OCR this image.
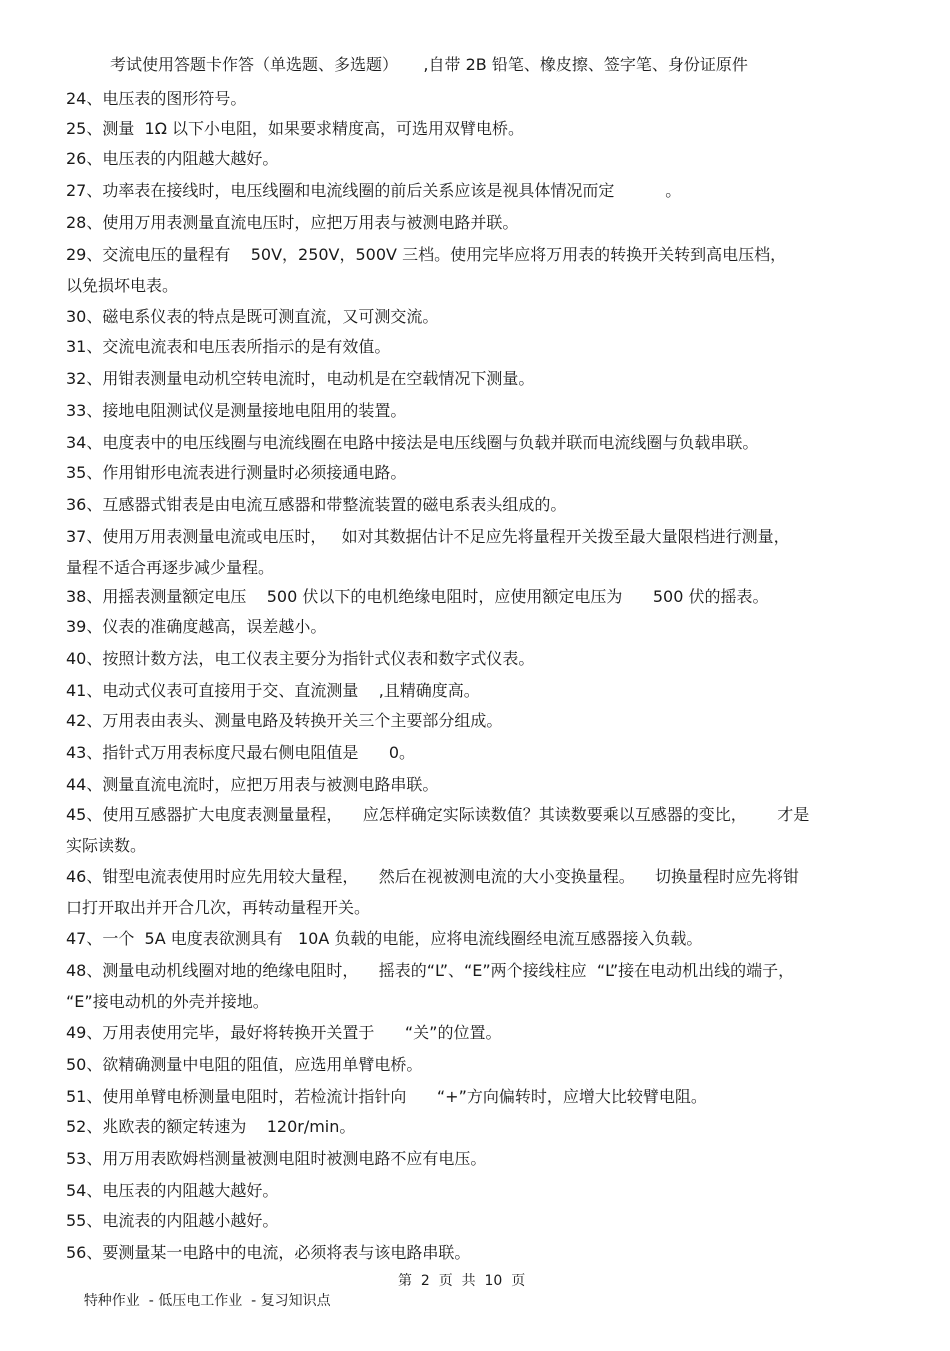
考试使用答题卡作答（单选题、多选题）     ,自带 2B 铅笔、橡皮擦、签字笔、身份证原件
24、电压表的图形符号。
25、测量  1Ω 以下小电阻，如果要求精度高，可选用双臂电桥。
26、电压表的内阻越大越好。
27、功率表在接线时，电压线圈和电流线圈的前后关系应该是视具体情况而定          。
28、使用万用表测量直流电压时，应把万用表与被测电路并联。
29、交流电压的量程有    50V，250V，500V 三档。使用完毕应将万用表的转换开关转到高电压档，
以免损坏电表。
30、磁电系仪表的特点是既可测直流，又可测交流。
31、交流电流表和电压表所指示的是有效值。
32、用钳表测量电动机空转电流时，电动机是在空载情况下测量。
33、接地电阻测试仪是测量接地电阻用的装置。
34、电度表中的电压线圈与电流线圈在电路中接法是电压线圈与负载并联而电流线圈与负载串联。
35、作用钳形电流表进行测量时必须接通电路。
36、互感器式钳表是由电流互感器和带整流装置的磁电系表头组成的。
37、使用万用表测量电流或电压时，   如对其数据估计不足应先将量程开关拨至最大量限档进行测量，
量程不适合再逐步减少量程。
38、用摇表测量额定电压    500 伏以下的电机绝缘电阻时，应使用额定电压为      500 伏的摇表。
39、仪表的准确度越高，误差越小。
40、按照计数方法，电工仪表主要分为指针式仪表和数字式仪表。
41、电动式仪表可直接用于交、直流测量    ,且精确度高。
42、万用表由表头、测量电路及转换开关三个主要部分组成。
43、指针式万用表标度尺最右侧电阻值是      0。
44、测量直流电流时，应把万用表与被测电路串联。
45、使用互感器扩大电度表测量量程，    应怎样确定实际读数值？其读数要乘以互感器的变比，      才是
实际读数。
46、钳型电流表使用时应先用较大量程，    然后在视被测电流的大小变换量程。    切换量程时应先将钳
口打开取出并开合几次，再转动量程开关。
47、一个  5A 电度表欲测具有   10A 负载的电能，应将电流线圈经电流互感器接入负载。
48、测量电动机线圈对地的绝缘电阻时，    摇表的“L”、“E”两个接线柱应  “L”接在电动机出线的端子，
“E”接电动机的外壳并接地。
49、万用表使用完毕，最好将转换开关置于      “关”的位置。
50、欲精确测量中电阻的阻值，应选用单臂电桥。
51、使用单臂电桥测量电阻时，若检流计指针向      “+”方向偏转时，应增大比较臂电阻。
52、兆欧表的额定转速为    120r/min。
53、用万用表欧姆档测量被测电阻时被测电路不应有电压。
54、电压表的内阻越大越好。
55、电流表的内阻越小越好。
56、要测量某一电路中的电流，必须将表与该电路串联。

特种作业  - 低压电工作业  - 复习知识点

第  2  页  共  10  页
